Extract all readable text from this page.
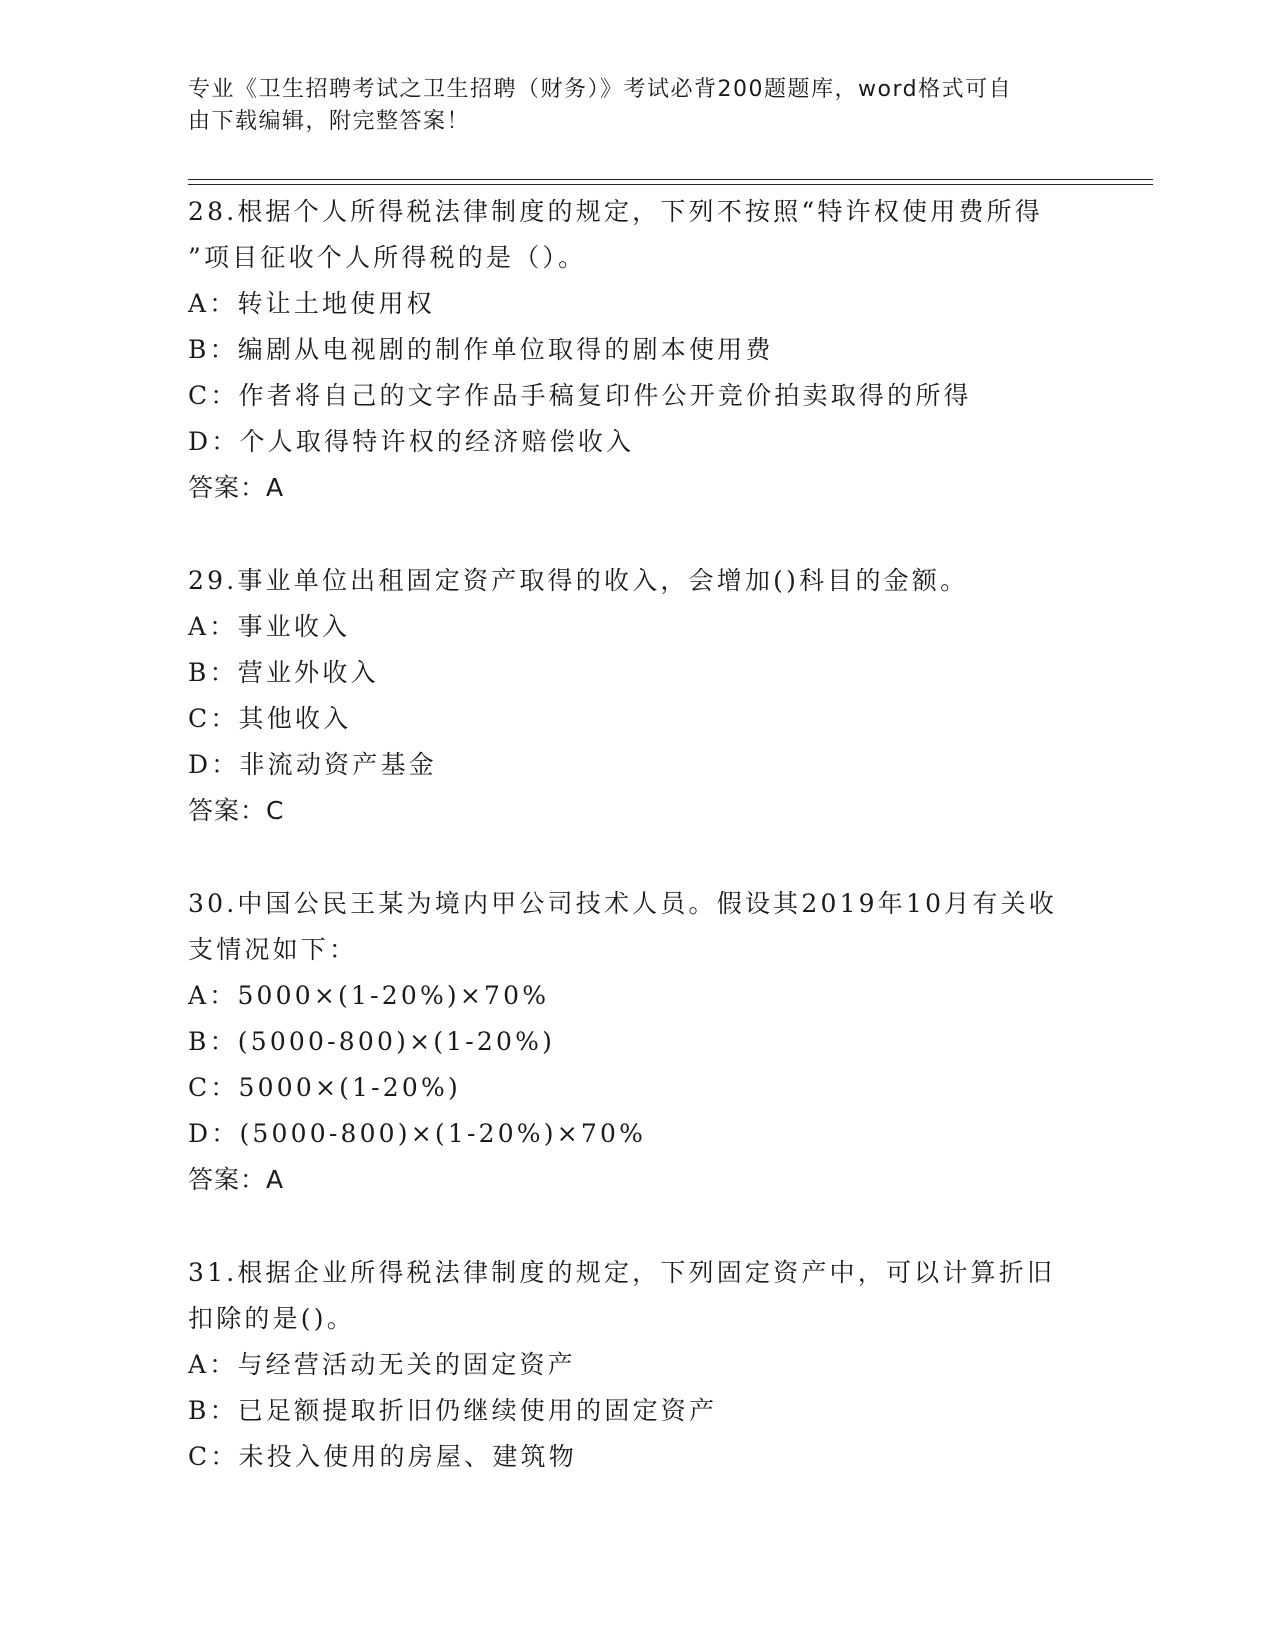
专业《卫生招聘考试之卫生招聘（财务）》考试必背200题题库，word格式可自
由下载编辑，附完整答案！
28.根据个人所得税法律制度的规定，下列不按照“特许权使用费所得
”项目征收个人所得税的是（）。
A：转让土地使用权
B：编剧从电视剧的制作单位取得的剧本使用费
C：作者将自己的文字作品手稿复印件公开竞价拍卖取得的所得
D：个人取得特许权的经济赔偿收入
答案：A
29.事业单位出租固定资产取得的收入，会增加()科目的金额。
A：事业收入
B：营业外收入
C：其他收入
D：非流动资产基金
答案：C
30.中国公民王某为境内甲公司技术人员。假设其2019年10月有关收
支情况如下：
A：5000×(1-20%)×70%
B：(5000-800)×(1-20%)
C：5000×(1-20%)
D：(5000-800)×(1-20%)×70%
答案：A
31.根据企业所得税法律制度的规定，下列固定资产中，可以计算折旧
扣除的是()。
A：与经营活动无关的固定资产
B：已足额提取折旧仍继续使用的固定资产
C：未投入使用的房屋、建筑物
